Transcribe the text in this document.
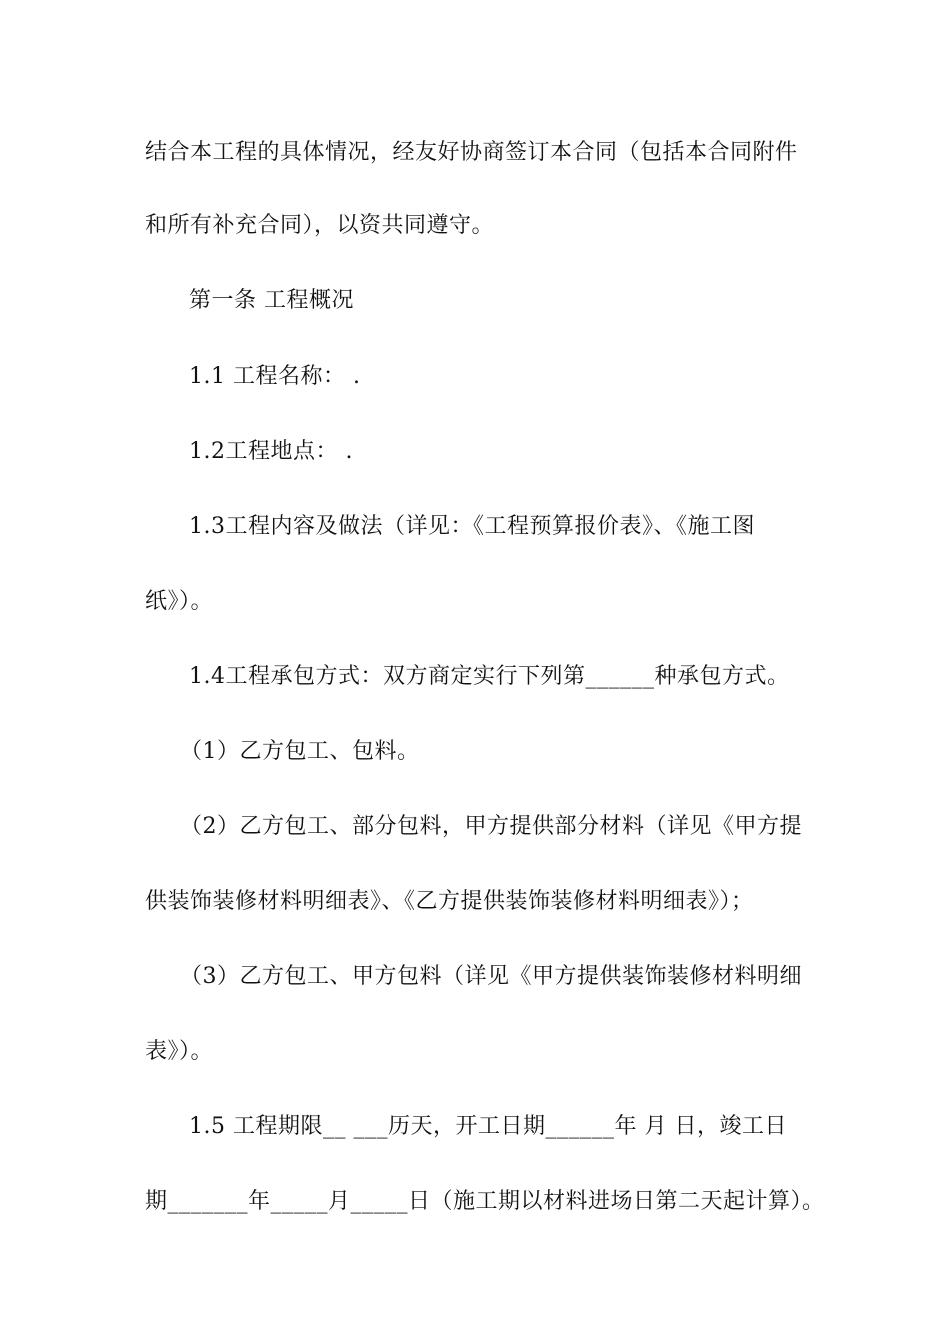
结合本工程的具体情况，经友好协商签订本合同（包括本合同附件
和所有补充合同），以资共同遵守。
第一条 工程概况
1.1 工程名称： .
1.2工程地点： .
1.3工程内容及做法（详见：《工程预算报价表》、《施工图
纸》）。
1.4工程承包方式：双方商定实行下列第______种承包方式。
（1）乙方包工、包料。
（2）乙方包工、部分包料，甲方提供部分材料（详见《甲方提
供装饰装修材料明细表》、《乙方提供装饰装修材料明细表》）；
（3）乙方包工、甲方包料（详见《甲方提供装饰装修材料明细
表》）。
1.5 工程期限__ ___历天，开工日期______年 月 日，竣工日
期_______年_____月_____日（施工期以材料进场日第二天起计算）。
